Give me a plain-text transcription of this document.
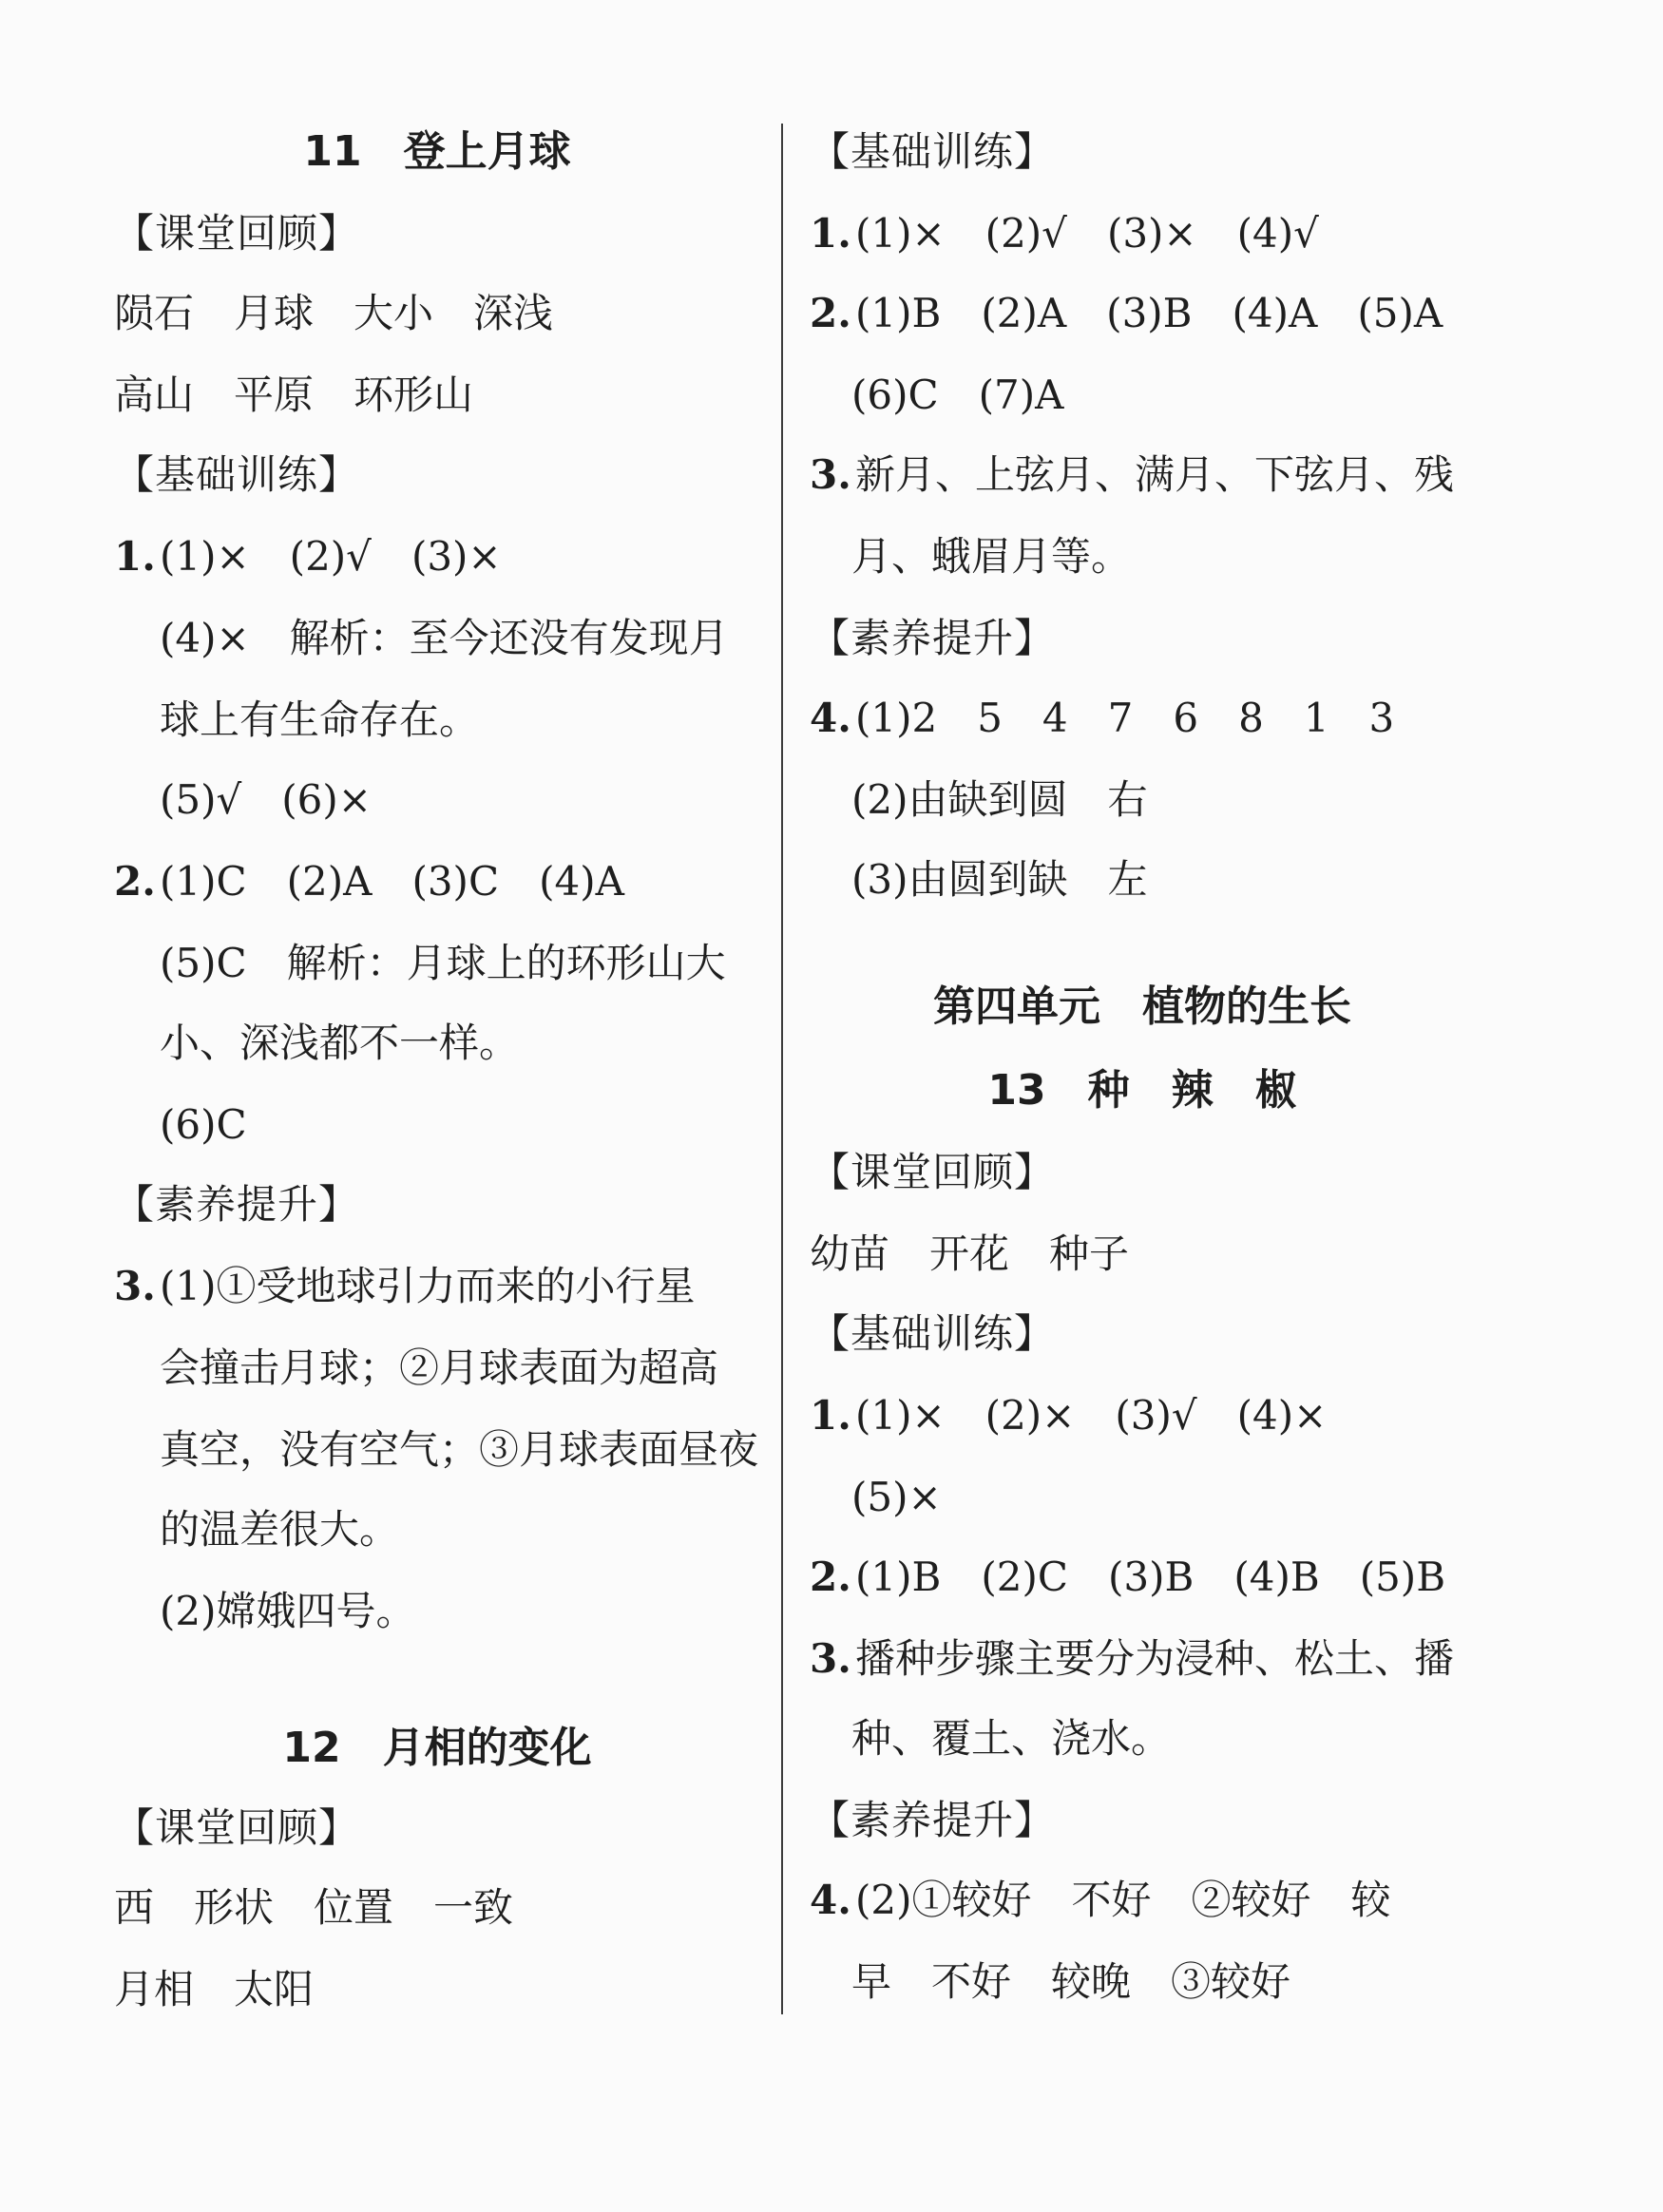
11　登上月球
【课堂回顾】
陨石　月球　大小　深浅
高山　平原　环形山
【基础训练】
1.(1)×　(2)√　(3)×
(4)×　解析：至今还没有发现月
球上有生命存在。
(5)√　(6)×
2.(1)C　(2)A　(3)C　(4)A
(5)C　解析：月球上的环形山大
小、深浅都不一样。
(6)C
【素养提升】
3.(1)①受地球引力而来的小行星
会撞击月球；②月球表面为超高
真空，没有空气；③月球表面昼夜
的温差很大。
(2)嫦娥四号。
12　月相的变化
【课堂回顾】
西　形状　位置　一致
月相　太阳
【基础训练】
1.(1)×　(2)√　(3)×　(4)√
2.(1)B　(2)A　(3)B　(4)A　(5)A
(6)C　(7)A
3.新月、上弦月、满月、下弦月、残
月、蛾眉月等。
【素养提升】
4.(1)2　5　4　7　6　8　1　3
(2)由缺到圆　右
(3)由圆到缺　左
第四单元　植物的生长
13　种　辣　椒
【课堂回顾】
幼苗　开花　种子
【基础训练】
1.(1)×　(2)×　(3)√　(4)×
(5)×
2.(1)B　(2)C　(3)B　(4)B　(5)B
3.播种步骤主要分为浸种、松土、播
种、覆土、浇水。
【素养提升】
4.(2)①较好　不好　②较好　较
早　不好　较晚　③较好
